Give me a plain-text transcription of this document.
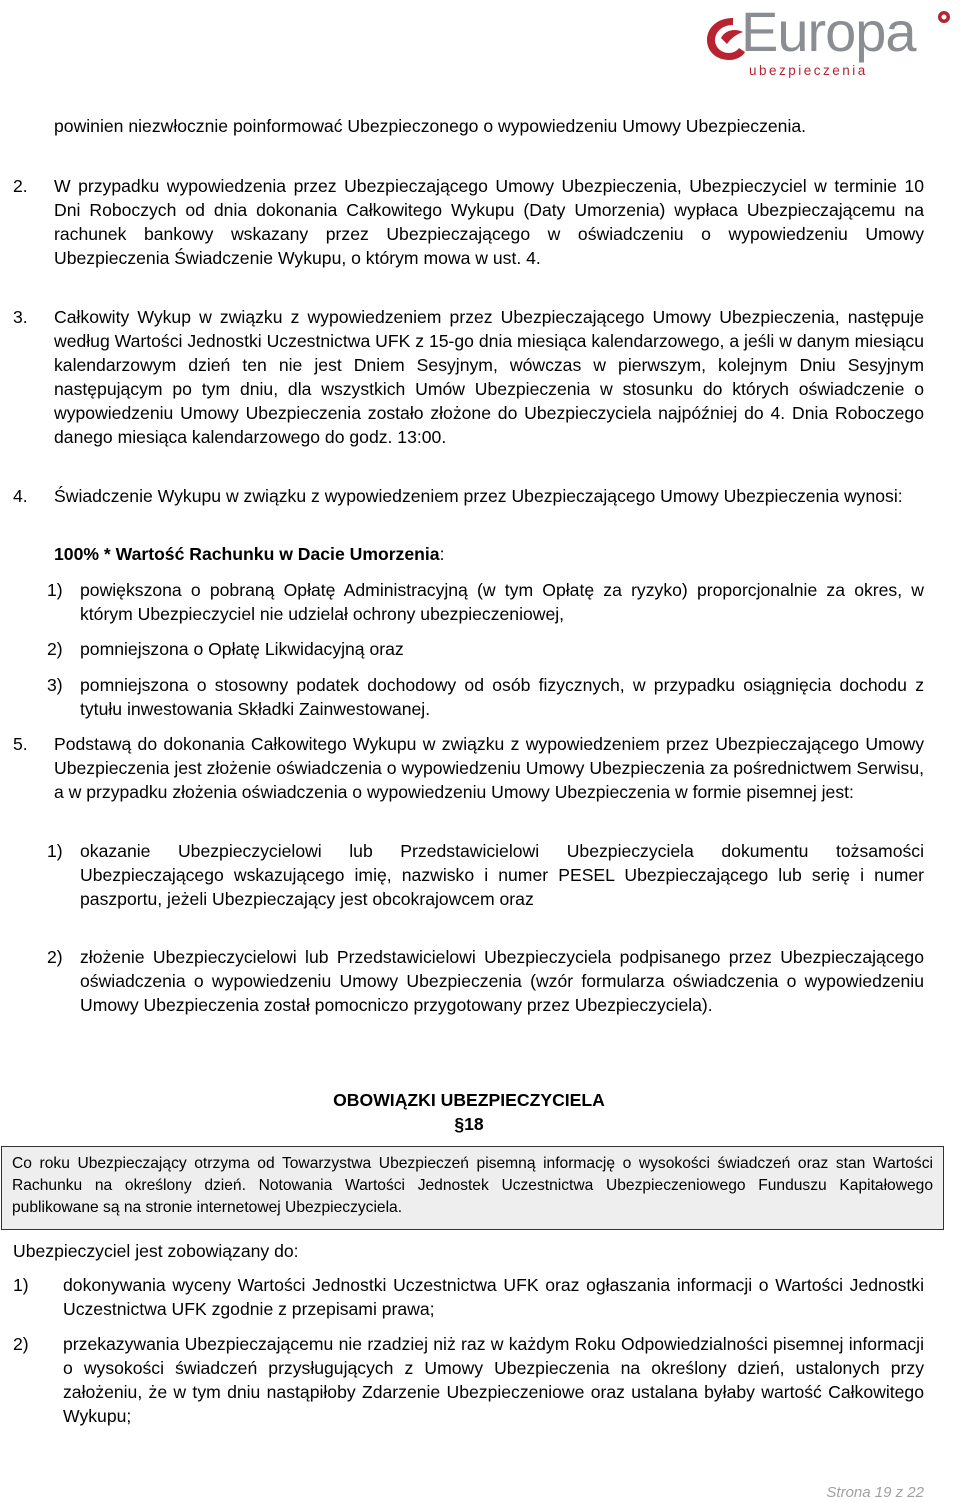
Europa
ubezpieczenia
powinien niezwłocznie poinformować Ubezpieczonego o wypowiedzeniu Umowy Ubezpieczenia.
2. W przypadku wypowiedzenia przez Ubezpieczającego Umowy Ubezpieczenia, Ubezpieczyciel w terminie 10 Dni Roboczych od dnia dokonania Całkowitego Wykupu (Daty Umorzenia) wypłaca Ubezpieczającemu na rachunek bankowy wskazany przez Ubezpieczającego w oświadczeniu o wypowiedzeniu Umowy Ubezpieczenia Świadczenie Wykupu, o którym mowa w ust. 4.
3. Całkowity Wykup w związku z wypowiedzeniem przez Ubezpieczającego Umowy Ubezpieczenia, następuje według Wartości Jednostki Uczestnictwa UFK z 15-go dnia miesiąca kalendarzowego, a jeśli w danym miesiącu kalendarzowym dzień ten nie jest Dniem Sesyjnym, wówczas w pierwszym, kolejnym Dniu Sesyjnym następującym po tym dniu, dla wszystkich Umów Ubezpieczenia w stosunku do których oświadczenie o wypowiedzeniu Umowy Ubezpieczenia zostało złożone do Ubezpieczyciela najpóźniej do 4. Dnia Roboczego danego miesiąca kalendarzowego do godz. 13:00.
4. Świadczenie Wykupu w związku z wypowiedzeniem przez Ubezpieczającego Umowy Ubezpieczenia wynosi:
100% * Wartość Rachunku w Dacie Umorzenia:
1) powiększona o pobraną Opłatę Administracyjną (w tym Opłatę za ryzyko) proporcjonalnie za okres, w którym Ubezpieczyciel nie udzielał ochrony ubezpieczeniowej,
2) pomniejszona o Opłatę Likwidacyjną oraz
3) pomniejszona o stosowny podatek dochodowy od osób fizycznych, w przypadku osiągnięcia dochodu z tytułu inwestowania Składki Zainwestowanej.
5. Podstawą do dokonania Całkowitego Wykupu w związku z wypowiedzeniem przez Ubezpieczającego Umowy Ubezpieczenia jest złożenie oświadczenia o wypowiedzeniu Umowy Ubezpieczenia za pośrednictwem Serwisu, a w przypadku złożenia oświadczenia o wypowiedzeniu Umowy Ubezpieczenia w formie pisemnej jest:
1) okazanie Ubezpieczycielowi lub Przedstawicielowi Ubezpieczyciela dokumentu tożsamości Ubezpieczającego wskazującego imię, nazwisko i numer PESEL Ubezpieczającego lub serię i numer paszportu, jeżeli Ubezpieczający jest obcokrajowcem oraz
2) złożenie Ubezpieczycielowi lub Przedstawicielowi Ubezpieczyciela podpisanego przez Ubezpieczającego oświadczenia o wypowiedzeniu Umowy Ubezpieczenia (wzór formularza oświadczenia o wypowiedzeniu Umowy Ubezpieczenia został pomocniczo przygotowany przez Ubezpieczyciela).
OBOWIĄZKI UBEZPIECZYCIELA
§18
Co roku Ubezpieczający otrzyma od Towarzystwa Ubezpieczeń pisemną informację o wysokości świadczeń oraz stan Wartości Rachunku na określony dzień. Notowania Wartości Jednostek Uczestnictwa Ubezpieczeniowego Funduszu Kapitałowego publikowane są na stronie internetowej Ubezpieczyciela.
Ubezpieczyciel jest zobowiązany do:
1) dokonywania wyceny Wartości Jednostki Uczestnictwa UFK oraz ogłaszania informacji o Wartości Jednostki Uczestnictwa UFK zgodnie z przepisami prawa;
2) przekazywania Ubezpieczającemu nie rzadziej niż raz w każdym Roku Odpowiedzialności pisemnej informacji o wysokości świadczeń przysługujących z Umowy Ubezpieczenia na określony dzień, ustalonych przy założeniu, że w tym dniu nastąpiłoby Zdarzenie Ubezpieczeniowe oraz ustalana byłaby wartość Całkowitego Wykupu;
Strona 19 z 22
